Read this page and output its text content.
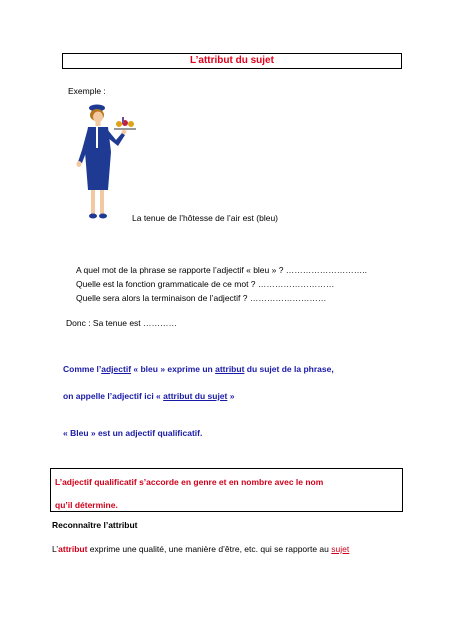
L’attribut du sujet
Exemple :
La tenue de l’hôtesse de l’air est (bleu)
A quel mot de la phrase se rapporte l’adjectif « bleu » ? ………………………..
Quelle est la fonction grammaticale de ce mot ? ………………………
Quelle sera alors la terminaison de l’adjectif ? ………………………
Donc : Sa tenue est …………
Comme l’adjectif « bleu » exprime un attribut du sujet de la phrase,
on appelle l’adjectif ici « attribut du sujet »
« Bleu » est un adjectif qualificatif.
L’adjectif qualificatif s’accorde en genre et en nombre avec le nom
qu’il détermine.
Reconnaître l’attribut
L’attribut exprime une qualité, une manière d’être, etc. qui se rapporte au sujet
